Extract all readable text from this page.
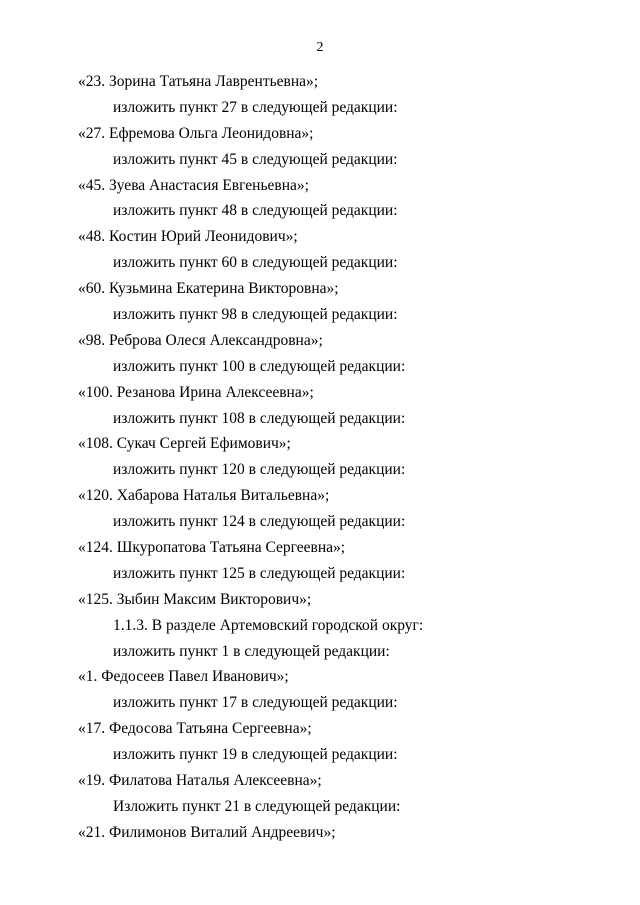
2
«23. Зорина Татьяна Лаврентьевна»;
изложить пункт 27 в следующей редакции:
«27. Ефремова Ольга Леонидовна»;
изложить пункт 45 в следующей редакции:
«45. Зуева Анастасия Евгеньевна»;
изложить пункт 48 в следующей редакции:
«48. Костин Юрий Леонидович»;
изложить пункт 60 в следующей редакции:
«60. Кузьмина Екатерина Викторовна»;
изложить пункт 98 в следующей редакции:
«98. Реброва Олеся Александровна»;
изложить пункт 100 в следующей редакции:
«100. Резанова Ирина Алексеевна»;
изложить пункт 108 в следующей редакции:
«108. Сукач Сергей Ефимович»;
изложить пункт 120 в следующей редакции:
«120. Хабарова Наталья Витальевна»;
изложить пункт 124 в следующей редакции:
«124. Шкуропатова Татьяна Сергеевна»;
изложить пункт 125 в следующей редакции:
«125. Зыбин Максим Викторович»;
1.1.3. В разделе Артемовский городской округ:
изложить пункт 1 в следующей редакции:
«1. Федосеев Павел Иванович»;
изложить пункт 17 в следующей редакции:
«17. Федосова Татьяна Сергеевна»;
изложить пункт 19 в следующей редакции:
«19. Филатова Наталья Алексеевна»;
Изложить пункт 21 в следующей редакции:
«21. Филимонов Виталий Андреевич»;
